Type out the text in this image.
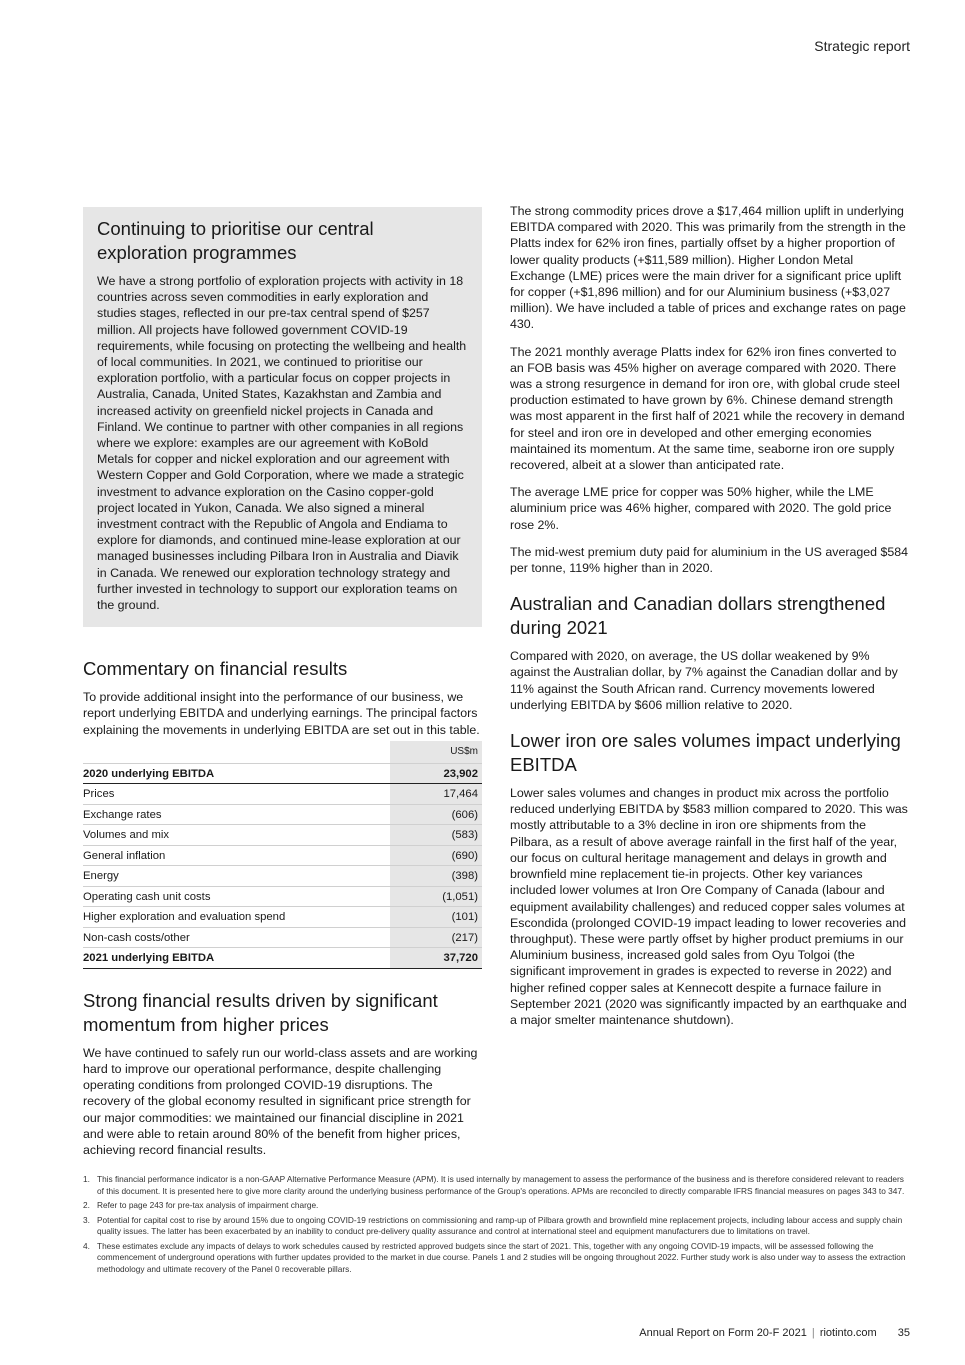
Strategic report
Continuing to prioritise our central exploration programmes

We have a strong portfolio of exploration projects with activity in 18 countries across seven commodities in early exploration and studies stages, reflected in our pre-tax central spend of $257 million. All projects have followed government COVID-19 requirements, while focusing on protecting the wellbeing and health of local communities. In 2021, we continued to prioritise our exploration portfolio, with a particular focus on copper projects in Australia, Canada, United States, Kazakhstan and Zambia and increased activity on greenfield nickel projects in Canada and Finland. We continue to partner with other companies in all regions where we explore: examples are our agreement with KoBold Metals for copper and nickel exploration and our agreement with Western Copper and Gold Corporation, where we made a strategic investment to advance exploration on the Casino copper-gold project located in Yukon, Canada. We also signed a mineral investment contract with the Republic of Angola and Endiama to explore for diamonds, and continued mine-lease exploration at our managed businesses including Pilbara Iron in Australia and Diavik in Canada. We renewed our exploration technology strategy and further invested in technology to support our exploration teams on the ground.

Commentary on financial results

To provide additional insight into the performance of our business, we report underlying EBITDA and underlying earnings. The principal factors explaining the movements in underlying EBITDA are set out in this table.

	US$m
2020 underlying EBITDA	23,902
Prices	17,464
Exchange rates	(606)
Volumes and mix	(583)
General inflation	(690)
Energy	(398)
Operating cash unit costs	(1,051)
Higher exploration and evaluation spend	(101)
Non-cash costs/other	(217)
2021 underlying EBITDA	37,720
Strong financial results driven by significant momentum from higher prices

We have continued to safely run our world-class assets and are working hard to improve our operational performance, despite challenging operating conditions from prolonged COVID-19 disruptions. The recovery of the global economy resulted in significant price strength for our major commodities: we maintained our financial discipline in 2021 and were able to retain around 80% of the benefit from higher prices, achieving record financial results.

The strong commodity prices drove a $17,464 million uplift in underlying EBITDA compared with 2020. This was primarily from the strength in the Platts index for 62% iron fines, partially offset by a higher proportion of lower quality products (+$11,589 million). Higher London Metal Exchange (LME) prices were the main driver for a significant price uplift for copper (+$1,896 million) and for our Aluminium business (+$3,027 million). We have included a table of prices and exchange rates on page 430.

The 2021 monthly average Platts index for 62% iron fines converted to an FOB basis was 45% higher on average compared with 2020. There was a strong resurgence in demand for iron ore, with global crude steel production estimated to have grown by 6%. Chinese demand strength was most apparent in the first half of 2021 while the recovery in demand for steel and iron ore in developed and other emerging economies maintained its momentum. At the same time, seaborne iron ore supply recovered, albeit at a slower than anticipated rate.

The average LME price for copper was 50% higher, while the LME aluminium price was 46% higher, compared with 2020. The gold price rose 2%.

The mid-west premium duty paid for aluminium in the US averaged $584 per tonne, 119% higher than in 2020.

Australian and Canadian dollars strengthened during 2021

Compared with 2020, on average, the US dollar weakened by 9% against the Australian dollar, by 7% against the Canadian dollar and by 11% against the South African rand. Currency movements lowered underlying EBITDA by $606 million relative to 2020.

Lower iron ore sales volumes impact underlying EBITDA

Lower sales volumes and changes in product mix across the portfolio reduced underlying EBITDA by $583 million compared to 2020. This was mostly attributable to a 3% decline in iron ore shipments from the Pilbara, as a result of above average rainfall in the first half of the year, our focus on cultural heritage management and delays in growth and brownfield mine replacement tie-in projects. Other key variances included lower volumes at Iron Ore Company of Canada (labour and equipment availability challenges) and reduced copper sales volumes at Escondida (prolonged COVID-19 impact leading to lower recoveries and throughput). These were partly offset by higher product premiums in our Aluminium business, increased gold sales from Oyu Tolgoi (the significant improvement in grades is expected to reverse in 2022) and higher refined copper sales at Kennecott despite a furnace failure in September 2021 (2020 was significantly impacted by an earthquake and a major smelter maintenance shutdown).

1. This financial performance indicator is a non-GAAP Alternative Performance Measure (APM). It is used internally by management to assess the performance of the business and is therefore considered relevant to readers of this document. It is presented here to give more clarity around the underlying business performance of the Group's operations. APMs are reconciled to directly comparable IFRS financial measures on pages 343 to 347.
2. Refer to page 243 for pre-tax analysis of impairment charge.
3. Potential for capital cost to rise by around 15% due to ongoing COVID-19 restrictions on commissioning and ramp-up of Pilbara growth and brownfield mine replacement projects, including labour access and supply chain quality issues. The latter has been exacerbated by an inability to conduct pre-delivery quality assurance and control at international steel and equipment manufacturers due to limitations on travel.
4. These estimates exclude any impacts of delays to work schedules caused by restricted approved budgets since the start of 2021. This, together with any ongoing COVID-19 impacts, will be assessed following the commencement of underground operations with further updates provided to the market in due course. Panels 1 and 2 studies will be ongoing throughout 2022. Further study work is also under way to assess the extraction methodology and ultimate recovery of the Panel 0 recoverable pillars.
Annual Report on Form 20-F 2021 | riotinto.com 35
